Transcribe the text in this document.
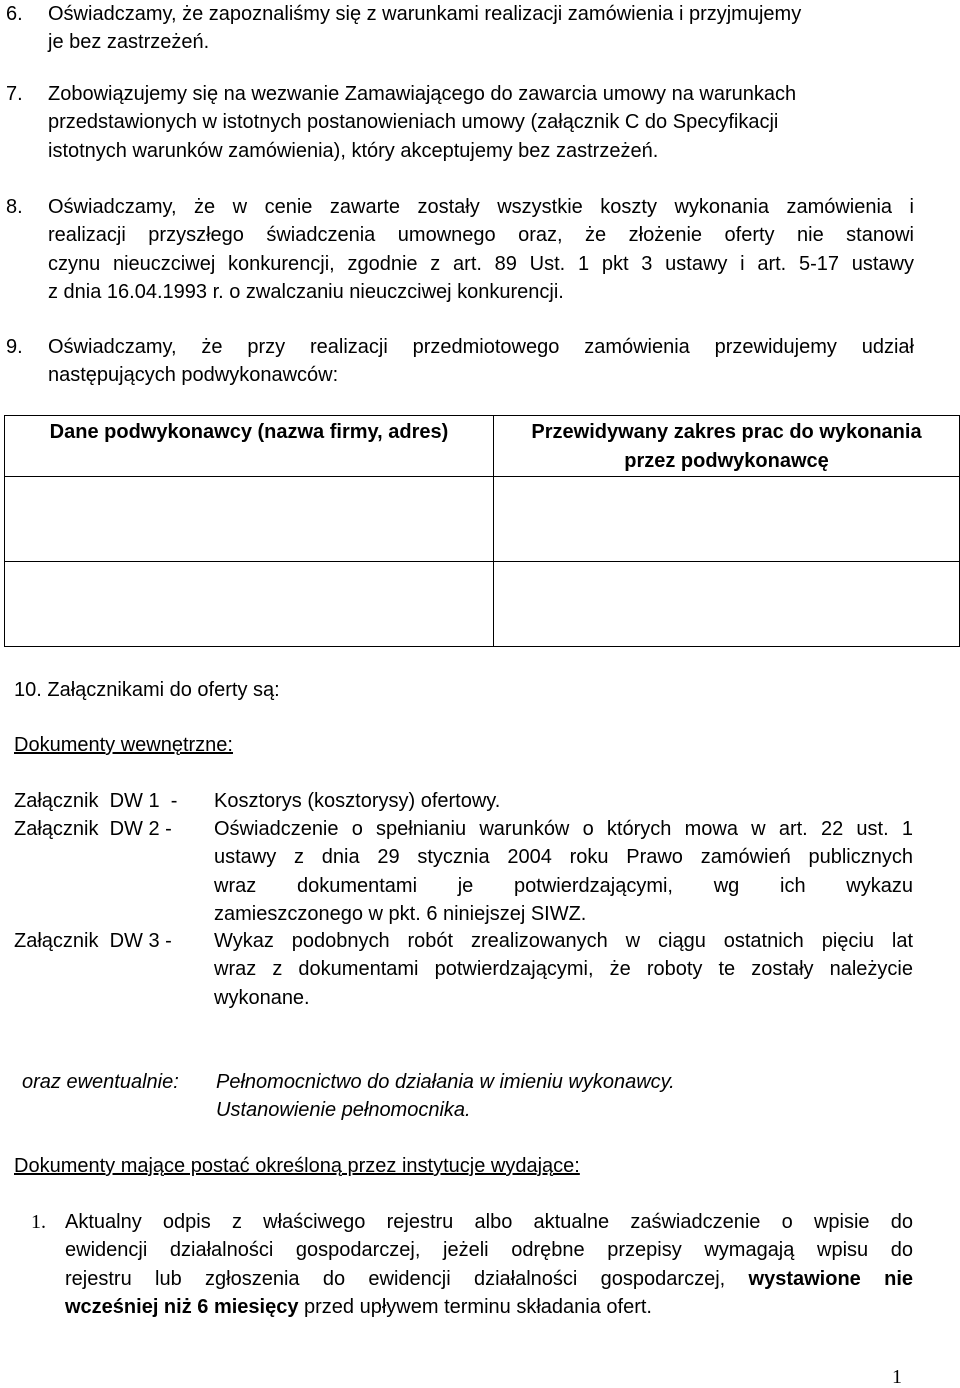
6. Oświadczamy, że zapoznaliśmy się z warunkami realizacji zamówienia i przyjmujemy
je bez zastrzeżeń.
7. Zobowiązujemy się na wezwanie Zamawiającego do zawarcia umowy na warunkach
przedstawionych w istotnych postanowieniach umowy (załącznik C do Specyfikacji
istotnych warunków zamówienia), który akceptujemy bez zastrzeżeń.
8. Oświadczamy, że w cenie zawarte zostały wszystkie koszty wykonania zamówienia i
realizacji przyszłego świadczenia umownego oraz, że złożenie oferty nie stanowi
czynu nieuczciwej konkurencji, zgodnie z art. 89 Ust. 1 pkt 3 ustawy i art. 5-17 ustawy
z dnia 16.04.1993 r. o zwalczaniu nieuczciwej konkurencji.
9. Oświadczamy, że przy realizacji przedmiotowego zamówienia przewidujemy udział
następujących podwykonawców:
Dane podwykonawcy (nazwa firmy, adres)	Przewidywany zakres prac do wykonania
przez podwykonawcę

10. Załącznikami do oferty są:
Dokumenty wewnętrzne:
Załącznik  DW 1  - Kosztorys (kosztorysy) ofertowy.
Załącznik  DW 2 - Oświadczenie o spełnianiu warunków o których mowa w art. 22 ust. 1
ustawy z dnia 29 stycznia 2004 roku Prawo zamówień publicznych
wraz dokumentami je potwierdzającymi, wg ich wykazu
zamieszczonego w pkt. 6 niniejszej SIWZ.
Załącznik  DW 3 - Wykaz podobnych robót zrealizowanych w ciągu ostatnich pięciu lat
wraz z dokumentami potwierdzającymi, że roboty te zostały należycie
wykonane.
oraz ewentualnie: Pełnomocnictwo do działania w imieniu wykonawcy.
Ustanowienie pełnomocnika.
Dokumenty mające postać określoną przez instytucje wydające:
1. Aktualny odpis z właściwego rejestru albo aktualne zaświadczenie o wpisie do
ewidencji działalności gospodarczej, jeżeli odrębne przepisy wymagają wpisu do
rejestru lub zgłoszenia do ewidencji działalności gospodarczej, wystawione nie
wcześniej niż 6 miesięcy przed upływem terminu składania ofert.
1
